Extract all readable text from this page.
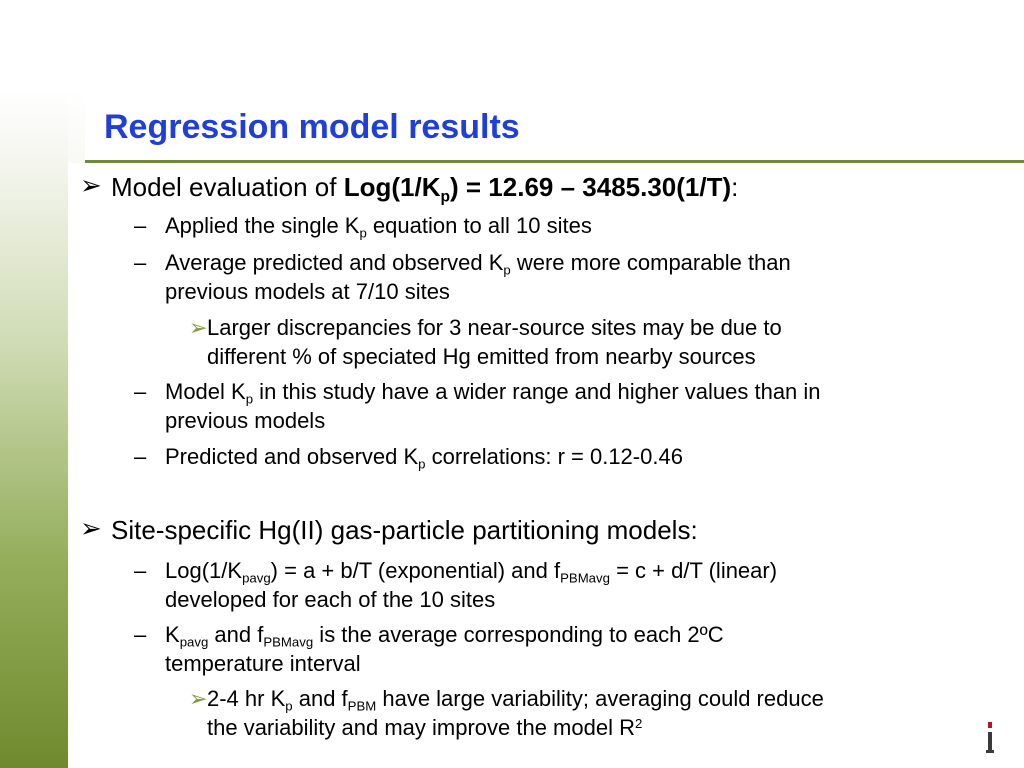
Regression model results
➢ Model evaluation of $Log(1/K_p) = 12.69 - 3485.30(1/T)$:
– Applied the single $K_p$ equation to all 10 sites
– Average predicted and observed $K_p$ were more comparable than
previous models at 7/10 sites
➢ Larger discrepancies for 3 near-source sites may be due to
different % of speciated Hg emitted from nearby sources
– Model $K_p$ in this study have a wider range and higher values than in
previous models
– Predicted and observed $K_p$ correlations: r = 0.12-0.46
➢ Site-specific Hg(II) gas-particle partitioning models:
– $Log(1/K_{pavg}) = a + b/T$ (exponential) and $f_{PBMavg} = c + d/T$ (linear)
developed for each of the 10 sites
– $K_{pavg}$ and $f_{PBMavg}$ is the average corresponding to each 2ºC
temperature interval
➢ 2-4 hr $K_p$ and $f_{PBM}$ have large variability; averaging could reduce
the variability and may improve the model $R^2$
